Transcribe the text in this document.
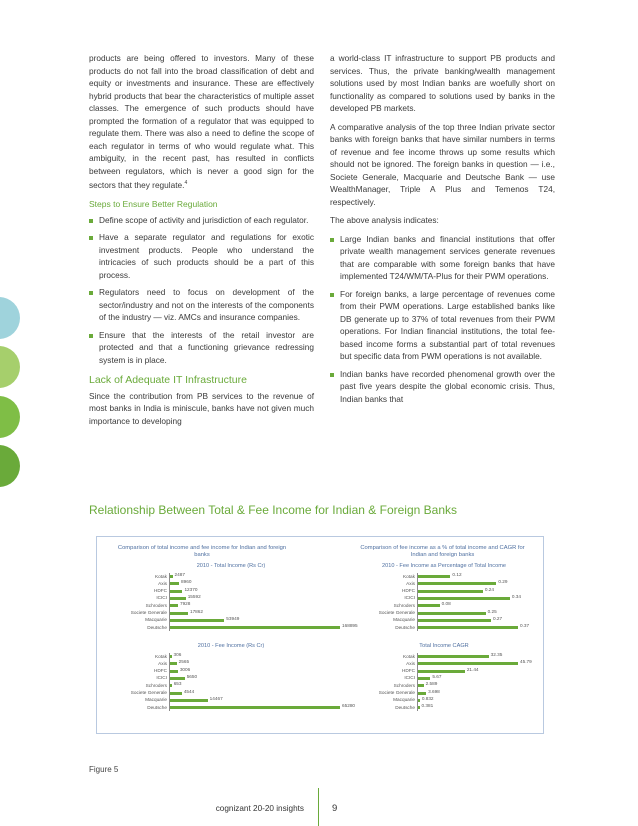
products are being offered to investors. Many of these products do not fall into the broad classification of debt and equity or investments and insurance. These are effectively hybrid products that bear the characteristics of multiple asset classes. The emergence of such products should have prompted the formation of a regulator that was equipped to regulate them. There was also a need to define the scope of each regulator in terms of who would regulate what. This ambiguity, in the recent past, has resulted in conflicts between regulators, which is never a good sign for the sectors that they regulate.$^4$

Steps to Ensure Better Regulation
Define scope of activity and jurisdiction of each regulator.
Have a separate regulator and regulations for exotic investment products. People who understand the intricacies of such products should be a part of this process.
Regulators need to focus on development of the sector/industry and not on the interests of the components of the industry — viz. AMCs and insurance companies.
Ensure that the interests of the retail investor are protected and that a functioning grievance redressing system is in place.
Lack of Adequate IT Infrastructure

Since the contribution from PB services to the revenue of most banks in India is miniscule, banks have not given much importance to developing

a world-class IT infrastructure to support PB products and services. Thus, the private banking/wealth management solutions used by most Indian banks are woefully short on functionality as compared to solutions used by banks in the developed PB markets.

A comparative analysis of the top three Indian private sector banks with foreign banks that have similar numbers in terms of revenue and fee income throws up some results which should not be ignored. The foreign banks in question — i.e., Societe Generale, Macquarie and Deutsche Bank — use WealthManager, Triple A Plus and Temenos T24, respectively.

The above analysis indicates:

Large Indian banks and financial institutions that offer private wealth management services generate revenues that are comparable with some foreign banks that have implemented T24/WM/TA-Plus for their PWM operations.
For foreign banks, a large percentage of revenues come from their PWM operations. Large established banks like DB generate up to 37% of total revenues from their PWM operations. For Indian financial institutions, the total fee-based income forms a substantial part of total revenues but specific data from PWM operations is not available.
Indian banks have recorded phenomenal growth over the past five years despite the global economic crisis. Thus, Indian banks that
Relationship Between Total & Fee Income for Indian & Foreign Banks
Comparison of total income and fee income for Indian and foreign banks
Comparison of fee income as a % of total income and CAGR for Indian and foreign banks
2010 - Total Income (Rs Cr)
Kotak 2487
Axis	8960
HDFC	12370
ICICI	15592
Schroders	7928
Societe Generale	17862
Macquarie	53949
Deutsche	168895
2010 - Fee Income as Percentage of Total Income
Kotak	0.12
Axis	0.29
HDFC	0.24
ICICI	0.34
Schroders	0.08
Societe Generale	0.25
Macquarie	0.27
Deutsche	0.37
2010 - Fee Income (Rs Cr)
Kotak 306
Axis 2565
HDFC	3006
ICICI	5650
Schroders 653
Societe Generale	4544
Macquarie	14467
Deutsche	65280
Total Income CAGR
Kotak	32.35
Axis	45.79
HDFC	21.44
ICICI	5.67
Schroders 2.589
Societe Generale	3.698
Macquarie 0.832
Deutsche 0.381
Figure 5
cognizant 20-20 insights	9
